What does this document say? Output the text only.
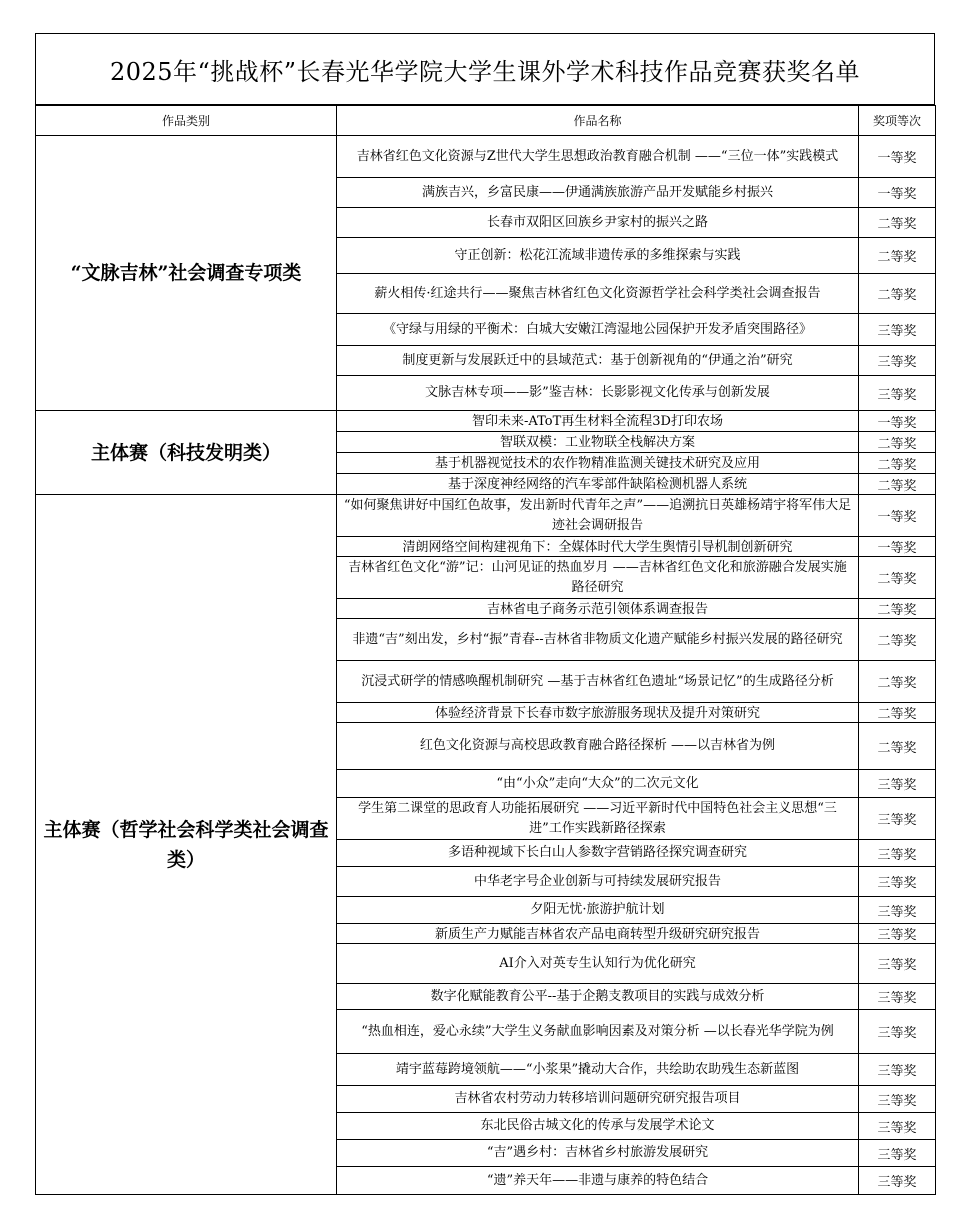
2025年“挑战杯”长春光华学院大学生课外学术科技作品竞赛获奖名单
作品类别	作品名称	奖项等次
“文脉吉林”社会调查专项类	吉林省红色文化资源与Z世代大学生思想政治教育融合机制 ——“三位一体”实践模式	一等奖

	满族吉兴，乡富民康——伊通满族旅游产品开发赋能乡村振兴	一等奖

	长春市双阳区回族乡尹家村的振兴之路	二等奖

	守正创新：松花江流域非遗传承的多维探索与实践	二等奖

	薪火相传·红途共行——聚焦吉林省红色文化资源哲学社会科学类社会调查报告	二等奖

	《守绿与用绿的平衡术：白城大安嫩江湾湿地公园保护开发矛盾突围路径》	三等奖

	制度更新与发展跃迁中的县域范式：基于创新视角的“伊通之治”研究	三等奖

	文脉吉林专项——影”鉴吉林：长影影视文化传承与创新发展	三等奖
主体赛（科技发明类）	智印未来-AToT再生材料全流程3D打印农场	一等奖

	智联双模：工业物联全栈解决方案	二等奖

	基于机器视觉技术的农作物精准监测关键技术研究及应用	二等奖

	基于深度神经网络的汽车零部件缺陷检测机器人系统	二等奖
主体赛（哲学社会科学类社会调查类）	“如何聚焦讲好中国红色故事，发出新时代青年之声”——追溯抗日英雄杨靖宇将军伟大足迹社会调研报告	一等奖

	清朗网络空间构建视角下：全媒体时代大学生舆情引导机制创新研究	一等奖

	吉林省红色文化“游”记：山河见证的热血岁月 ——吉林省红色文化和旅游融合发展实施路径研究	二等奖

	吉林省电子商务示范引领体系调查报告	二等奖

	非遗“吉”刻出发，乡村“振”青春--吉林省非物质文化遗产赋能乡村振兴发展的路径研究	二等奖

	沉浸式研学的情感唤醒机制研究 —基于吉林省红色遗址“场景记忆”的生成路径分析	二等奖

	体验经济背景下长春市数字旅游服务现状及提升对策研究	二等奖

	红色文化资源与高校思政教育融合路径探析 ——以吉林省为例	二等奖

	“由“小众”走向“大众”的二次元文化	三等奖

	学生第二课堂的思政育人功能拓展研究 ——习近平新时代中国特色社会主义思想“三进”工作实践新路径探索	三等奖

	多语种视域下长白山人参数字营销路径探究调查研究	三等奖

	中华老字号企业创新与可持续发展研究报告	三等奖

	夕阳无忧·旅游护航计划	三等奖

	新质生产力赋能吉林省农产品电商转型升级研究研究报告	三等奖

	AI介入对英专生认知行为优化研究	三等奖

	数字化赋能教育公平--基于企鹅支教项目的实践与成效分析	三等奖

	“热血相连，爱心永续”大学生义务献血影响因素及对策分析 —以长春光华学院为例	三等奖

	靖宇蓝莓跨境领航——“小浆果”撬动大合作，共绘助农助残生态新蓝图	三等奖

	吉林省农村劳动力转移培训问题研究研究报告项目	三等奖

	东北民俗古城文化的传承与发展学术论文	三等奖

	“吉”遇乡村：吉林省乡村旅游发展研究	三等奖

	“遗”养天年——非遗与康养的特色结合	三等奖
